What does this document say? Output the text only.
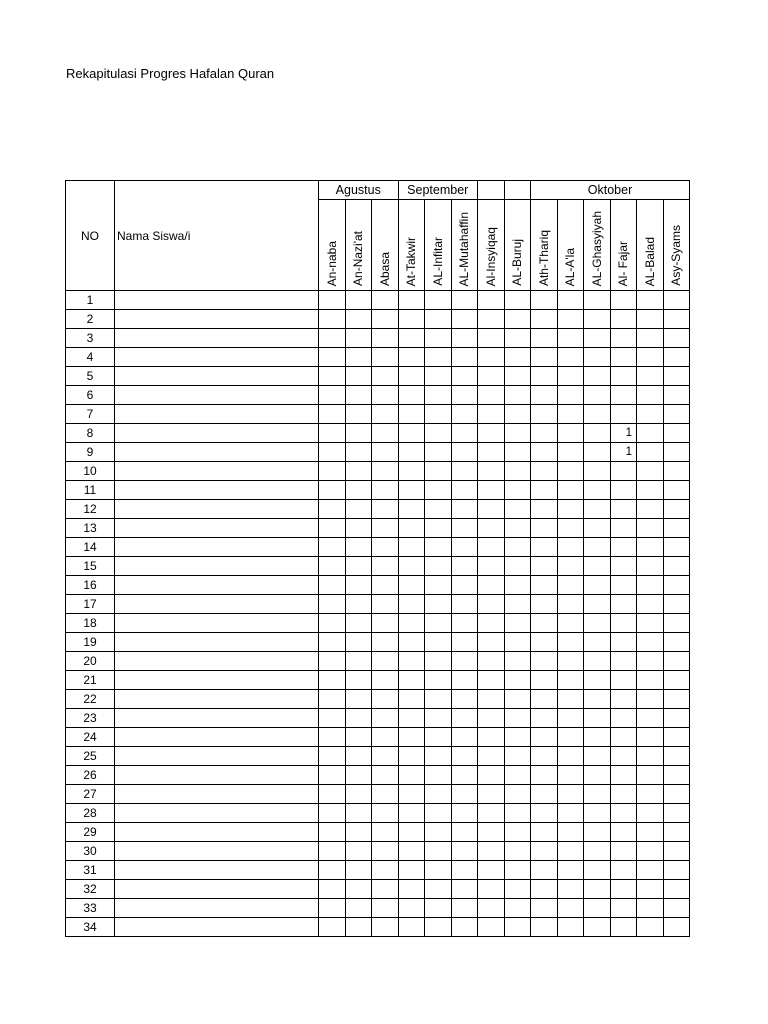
Rekapitulasi Progres Hafalan Quran
NO	Nama Siswa/i	Agustus			September					Oktober					

		An-naba	An-Nazi'at	Abasa	At-Takwir	AL-Infitar	AL-Mutahaffin	Al-Insyiqaq	AL-Buruj	Ath-Thariq	AL-A'la	AL-Ghasyiyah	Al- Fajar	AL-Balad	Asy-Syams

1															
2															
3															
4															
5															
6															
7															
8													1		
9													1		
10															
11															
12															
13															
14															
15															
16															
17															
18															
19															
20															
21															
22															
23															
24															
25															
26															
27															
28															
29															
30															
31															
32															
33															
34															
